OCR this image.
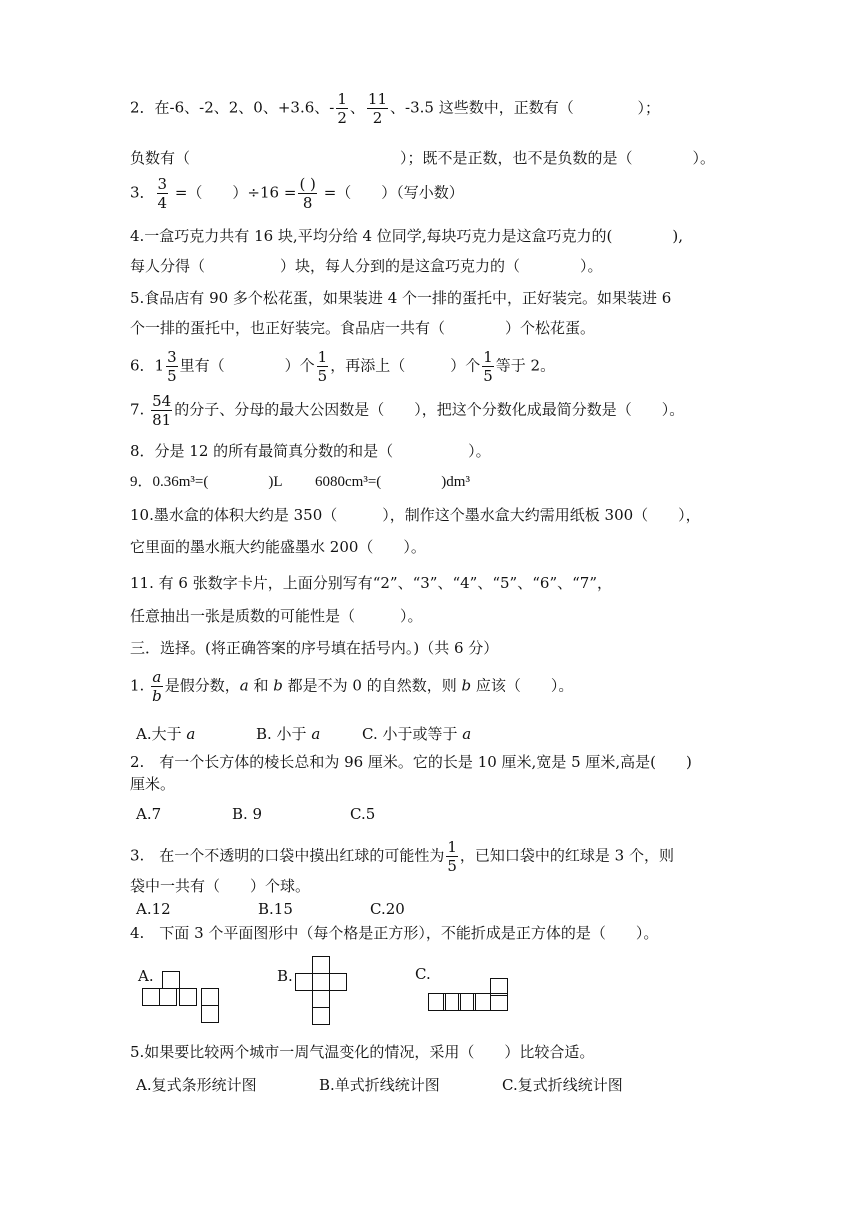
2．在-6、-2、2、0、+3.6、- $\frac{1}{2}$ 、 $\frac{11}{2}$ 、-3.5 这些数中，正数有（	）；
负数有（　　　　　　　　　　　　　　）；既不是正数，也不是负数的是（　　　　）。
3． $\frac{3}{4}$ =（　　）$\div 16 = \frac{( )}{8}$ =（　　）（写小数）
4.一盒巧克力共有 16 块,平均分给 4 位同学,每块巧克力是这盒巧克力的(　　　　),
每人分得（　　　　　）块，每人分到的是这盒巧克力的（　　　　）。
5.食品店有 90 多个松花蛋，如果装进 4 个一排的蛋托中，正好装完。如果装进 6
个一排的蛋托中，也正好装完。食品店一共有（　　　　）个松花蛋。
6．$1 \frac{3}{5}$ 里有（　　　　）个 $\frac{1}{5}$ ，再添上（　　　）个 $\frac{1}{5}$ 等于 2。
7. $\frac{54}{81}$ 的分子、分母的最大公因数是（　　），把这个分数化成最简分数是（　　）。
8．分是 12 的所有最简真分数的和是（　　　　　）。
9．0.36m³=(　　　　)L 6080cm³=(　　　　)dm³
10.墨水盒的体积大约是 350（　　　），制作这个墨水盒大约需用纸板 300（　　），
它里面的墨水瓶大约能盛墨水 200（　　）。
11. 有 6 张数字卡片，上面分别写有“2”、“3”、“4”、“5”、“6”、“7”，
任意抽出一张是质数的可能性是（　　　）。
三．选择。(将正确答案的序号填在括号内。)（共 6 分）
1. $\frac{a}{b}$ 是假分数，a 和 b 都是不为 0 的自然数，则 b 应该（　　）。
A.大于 a	B. 小于 a	C. 小于或等于 a
2.　有一个长方体的棱长总和为 96 厘米。它的长是 10 厘米,宽是 5 厘米,高是(　　)
厘米。
A.7	B. 9	C.5
3.　在一个不透明的口袋中摸出红球的可能性为 $\frac{1}{5}$ ，已知口袋中的红球是 3 个，则
袋中一共有（　　）个球。
A.12	B.15	C.20
4.　下面 3 个平面图形中（每个格是正方形），不能折成是正方体的是（　　）。
A.	B.	C.
5.如果要比较两个城市一周气温变化的情况，采用（　　）比较合适。
A.复式条形统计图	B.单式折线统计图	C.复式折线统计图
